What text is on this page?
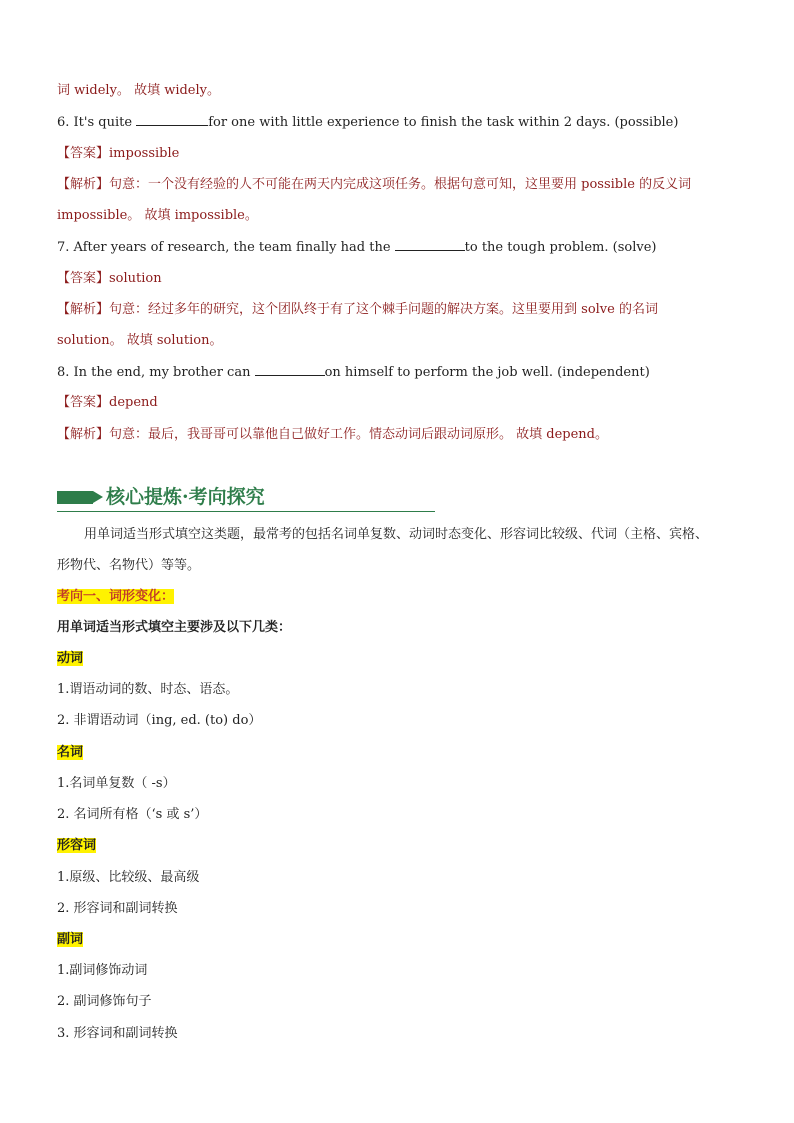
词 widely。 故填 widely。
6. It's quite	for one with little experience to finish the task within 2 days. (possible)
【答案】impossible
【解析】句意：一个没有经验的人不可能在两天内完成这项任务。根据句意可知，这里要用 possible 的反义词
impossible。 故填 impossible。
7. After years of research, the team finally had the	to the tough problem. (solve)
【答案】solution
【解析】句意：经过多年的研究，这个团队终于有了这个棘手问题的解决方案。这里要用到 solve 的名词
solution。 故填 solution。
8. In the end, my brother can	on himself to perform the job well. (independent)
【答案】depend
【解析】句意：最后，我哥哥可以靠他自己做好工作。情态动词后跟动词原形。 故填 depend。
核心提炼·考向探究
用单词适当形式填空这类题，最常考的包括名词单复数、动词时态变化、形容词比较级、代词（主格、宾格、
形物代、名物代）等等。
考向一、词形变化：
用单词适当形式填空主要涉及以下几类：
动词
1.谓语动词的数、时态、语态。
2. 非谓语动词（ing, ed. (to) do）
名词
1.名词单复数（ -s）
2. 名词所有格（‘s 或 s’）
形容词
1.原级、比较级、最高级
2. 形容词和副词转换
副词
1.副词修饰动词
2. 副词修饰句子
3. 形容词和副词转换
